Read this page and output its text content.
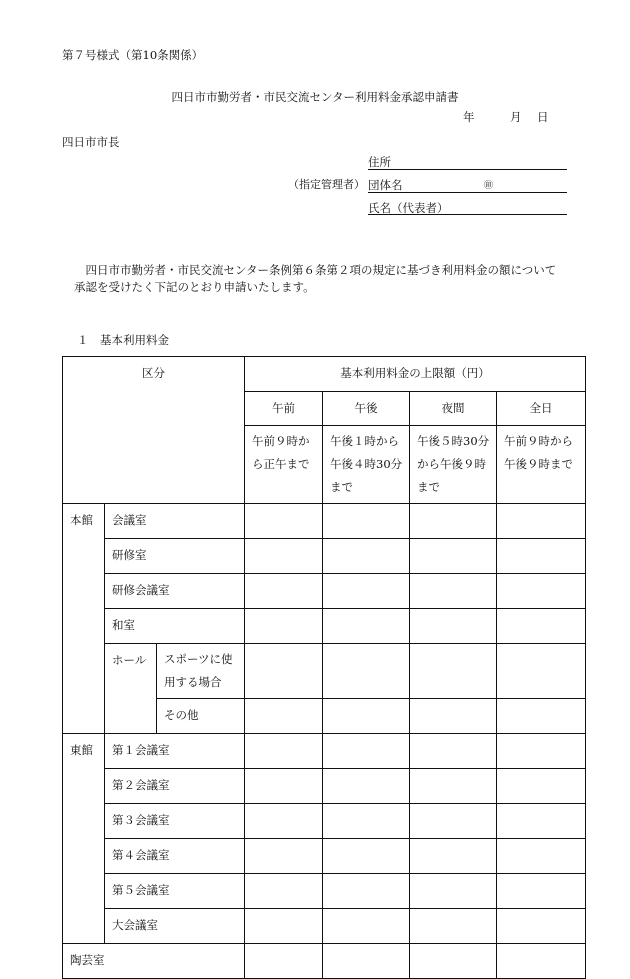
第７号様式（第10条関係）
四日市市勤労者・市民交流センター利用料金承認申請書
年	月 日
四日市市長
住所
（指定管理者） 団体名	㊞
氏名（代表者）
　四日市市勤労者・市民交流センター条例第６条第２項の規定に基づき利用料金の額について
承認を受けたく下記のとおり申請いたします。
１　基本利用料金
区分			基本利用料金の上限額（円）			
			午前	午後	夜間	全日

			午前９時か
ら正午まで	午後１時から
午後４時30分
まで	午後５時30分
から午後９時
まで	午前９時から
午後９時まで

本館	会議室					
	研修室					
	研修会議室					
	和室					
	ホール	スポーツに使
用する場合				

		その他				
東館	第１会議室					
	第２会議室					
	第３会議室					
	第４会議室					
	第５会議室					
	大会議室					
陶芸室						
